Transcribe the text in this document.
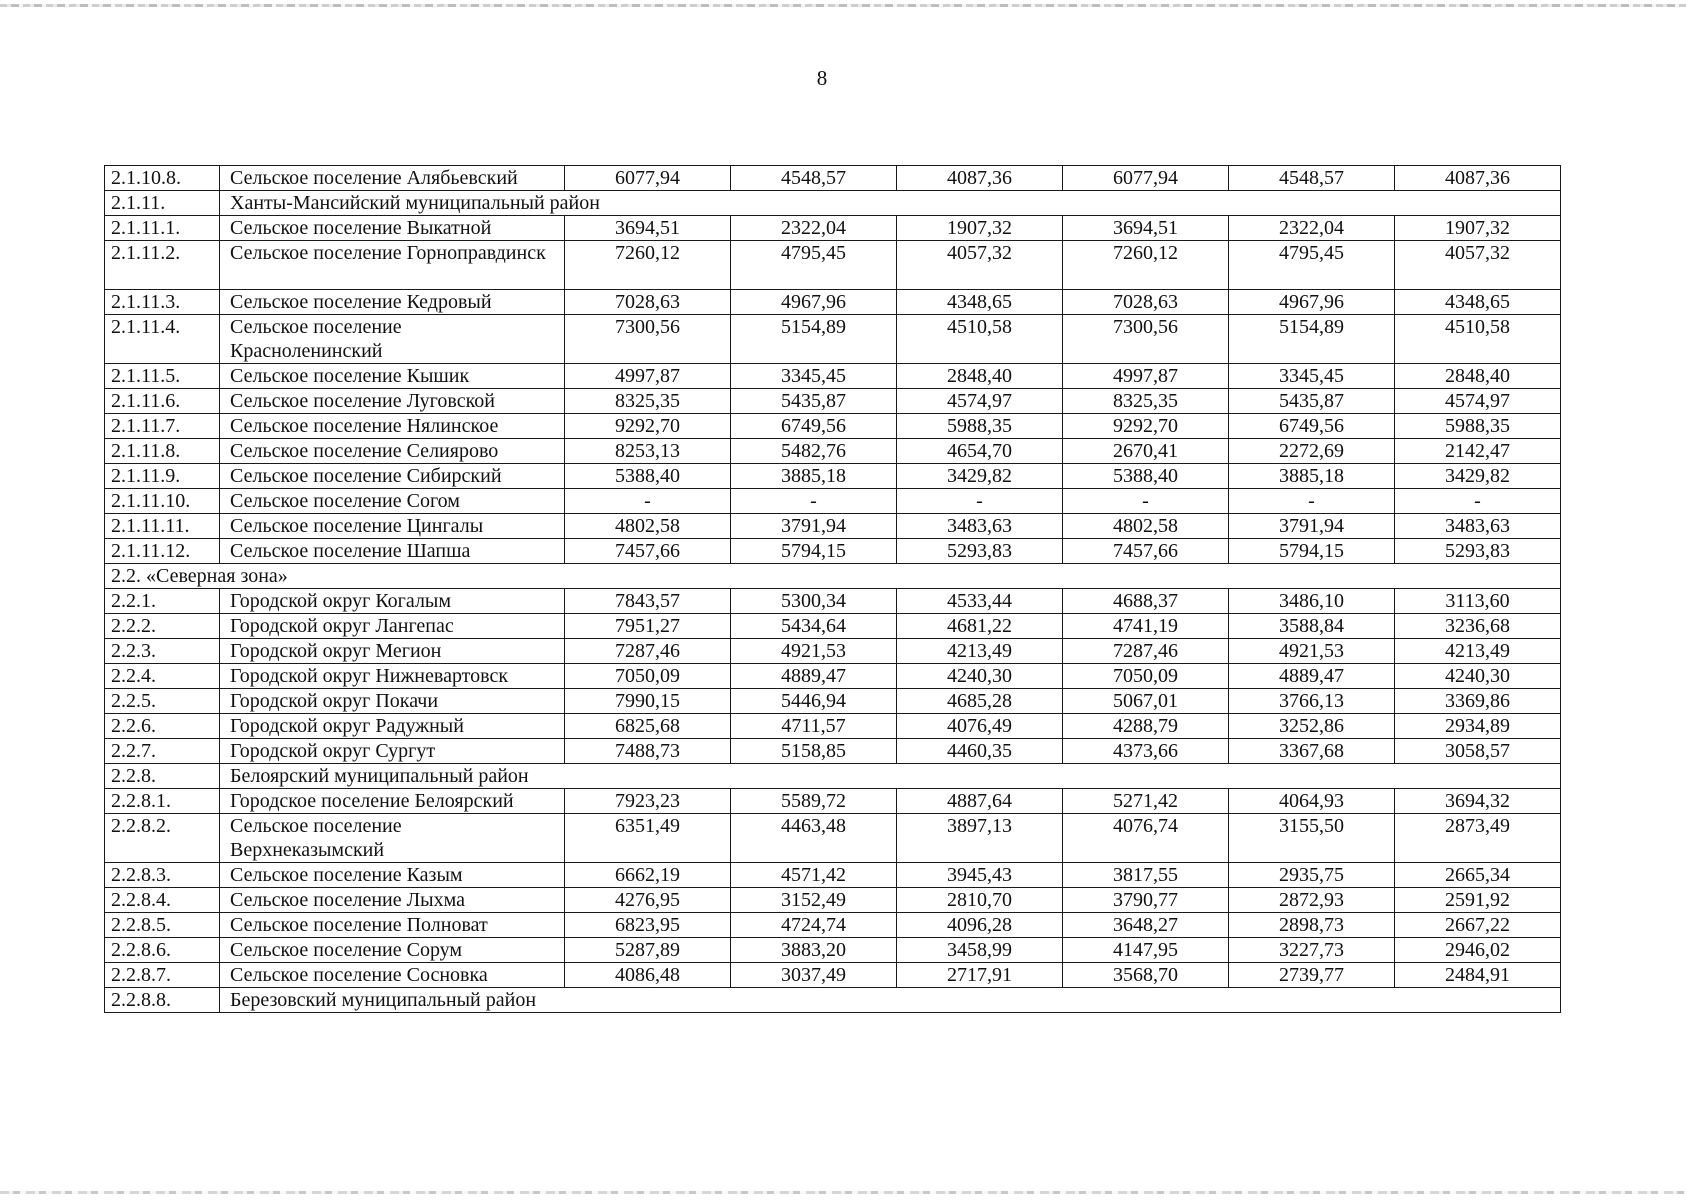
8
2.1.10.8.	Сельское поселение Алябьевский	6077,94	4548,57	4087,36	6077,94	4548,57	4087,36
2.1.11.	Ханты-Мансийский муниципальный район						
2.1.11.1.	Сельское поселение Выкатной	3694,51	2322,04	1907,32	3694,51	2322,04	1907,32
2.1.11.2.	Сельское поселение Горноправдинск	7260,12	4795,45	4057,32	7260,12	4795,45	4057,32
2.1.11.3.	Сельское поселение Кедровый	7028,63	4967,96	4348,65	7028,63	4967,96	4348,65
2.1.11.4.	Сельское поселение Красноленинский	7300,56	5154,89	4510,58	7300,56	5154,89	4510,58
2.1.11.5.	Сельское поселение Кышик	4997,87	3345,45	2848,40	4997,87	3345,45	2848,40
2.1.11.6.	Сельское поселение Луговской	8325,35	5435,87	4574,97	8325,35	5435,87	4574,97
2.1.11.7.	Сельское поселение Нялинское	9292,70	6749,56	5988,35	9292,70	6749,56	5988,35
2.1.11.8.	Сельское поселение Селиярово	8253,13	5482,76	4654,70	2670,41	2272,69	2142,47
2.1.11.9.	Сельское поселение Сибирский	5388,40	3885,18	3429,82	5388,40	3885,18	3429,82
2.1.11.10.	Сельское поселение Согом	-	-	-	-	-	-
2.1.11.11.	Сельское поселение Цингалы	4802,58	3791,94	3483,63	4802,58	3791,94	3483,63
2.1.11.12.	Сельское поселение Шапша	7457,66	5794,15	5293,83	7457,66	5794,15	5293,83
2.2. «Северная зона»							
2.2.1.	Городской округ Когалым	7843,57	5300,34	4533,44	4688,37	3486,10	3113,60
2.2.2.	Городской округ Лангепас	7951,27	5434,64	4681,22	4741,19	3588,84	3236,68
2.2.3.	Городской округ Мегион	7287,46	4921,53	4213,49	7287,46	4921,53	4213,49
2.2.4.	Городской округ Нижневартовск	7050,09	4889,47	4240,30	7050,09	4889,47	4240,30
2.2.5.	Городской округ Покачи	7990,15	5446,94	4685,28	5067,01	3766,13	3369,86
2.2.6.	Городской округ Радужный	6825,68	4711,57	4076,49	4288,79	3252,86	2934,89
2.2.7.	Городской округ Сургут	7488,73	5158,85	4460,35	4373,66	3367,68	3058,57
2.2.8.	Белоярский муниципальный район						
2.2.8.1.	Городское поселение Белоярский	7923,23	5589,72	4887,64	5271,42	4064,93	3694,32
2.2.8.2.	Сельское поселение Верхнеказымский	6351,49	4463,48	3897,13	4076,74	3155,50	2873,49
2.2.8.3.	Сельское поселение Казым	6662,19	4571,42	3945,43	3817,55	2935,75	2665,34
2.2.8.4.	Сельское поселение Лыхма	4276,95	3152,49	2810,70	3790,77	2872,93	2591,92
2.2.8.5.	Сельское поселение Полноват	6823,95	4724,74	4096,28	3648,27	2898,73	2667,22
2.2.8.6.	Сельское поселение Сорум	5287,89	3883,20	3458,99	4147,95	3227,73	2946,02
2.2.8.7.	Сельское поселение Сосновка	4086,48	3037,49	2717,91	3568,70	2739,77	2484,91
2.2.8.8.	Березовский муниципальный район						
